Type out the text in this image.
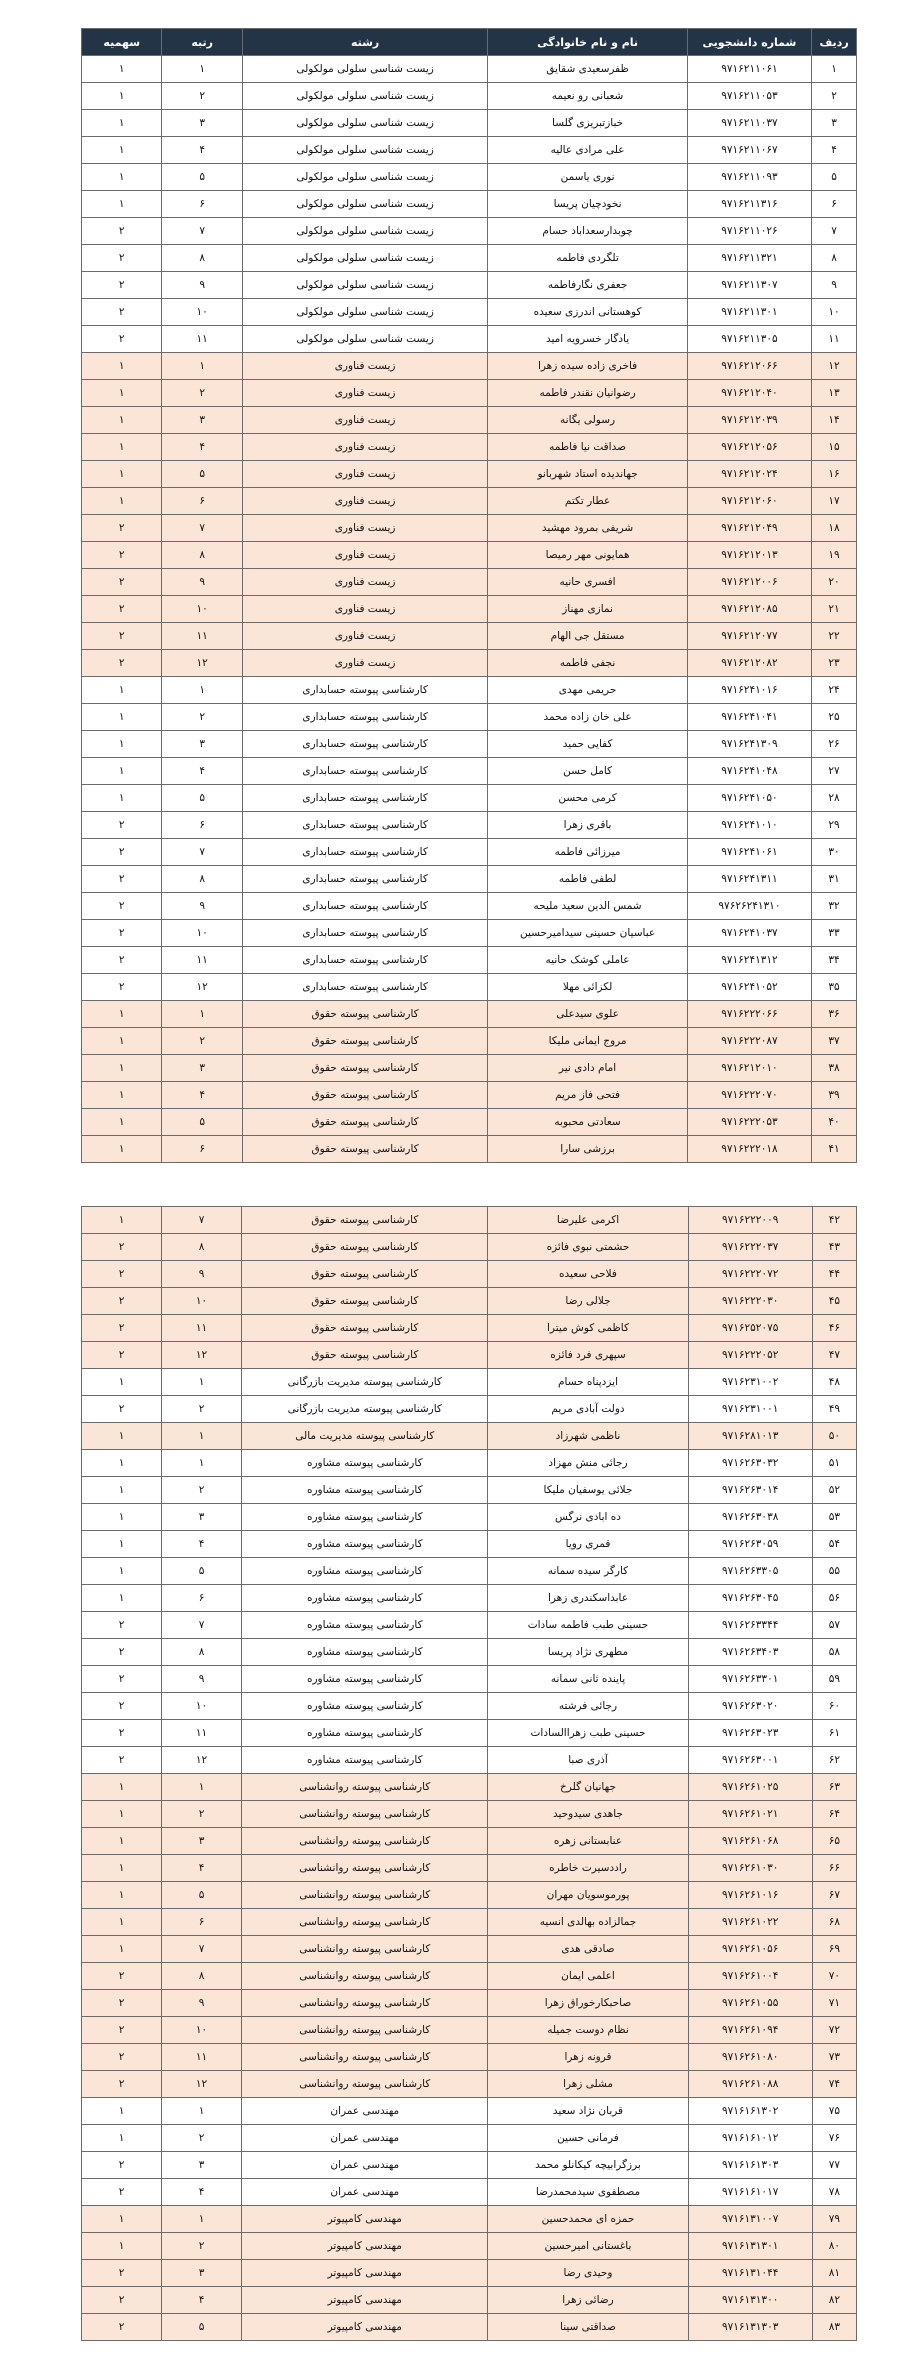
ردیف	شماره دانشجویی	نام و نام خانوادگی	رشته	رتبه	سهمیه
۱	۹۷۱۶۲۱۱۰۶۱	ظفرسعیدی شقایق	زیست شناسی سلولی مولکولی	۱	۱
۲	۹۷۱۶۲۱۱۰۵۳	شعبانی رو نعیمه	زیست شناسی سلولی مولکولی	۲	۱
۳	۹۷۱۶۲۱۱۰۳۷	خبازتبریزی گلسا	زیست شناسی سلولی مولکولی	۳	۱
۴	۹۷۱۶۲۱۱۰۶۷	علی مرادی عالیه	زیست شناسی سلولی مولکولی	۴	۱
۵	۹۷۱۶۲۱۱۰۹۳	نوری یاسمن	زیست شناسی سلولی مولکولی	۵	۱
۶	۹۷۱۶۲۱۱۳۱۶	نخودچیان پریسا	زیست شناسی سلولی مولکولی	۶	۱
۷	۹۷۱۶۲۱۱۰۲۶	چوبدارسعداباد حسام	زیست شناسی سلولی مولکولی	۷	۲
۸	۹۷۱۶۲۱۱۳۲۱	تلگردی فاطمه	زیست شناسی سلولی مولکولی	۸	۲
۹	۹۷۱۶۲۱۱۳۰۷	جعفری نگارفاطمه	زیست شناسی سلولی مولکولی	۹	۲
۱۰	۹۷۱۶۲۱۱۳۰۱	کوهستانی اندرزی سعیده	زیست شناسی سلولی مولکولی	۱۰	۲
۱۱	۹۷۱۶۲۱۱۳۰۵	یادگار خسرویه امید	زیست شناسی سلولی مولکولی	۱۱	۲
۱۲	۹۷۱۶۲۱۲۰۶۶	فاخری زاده سیده زهرا	زیست فناوری	۱	۱
۱۳	۹۷۱۶۲۱۲۰۴۰	رضوانیان نقندر فاطمه	زیست فناوری	۲	۱
۱۴	۹۷۱۶۲۱۲۰۳۹	رسولی یگانه	زیست فناوری	۳	۱
۱۵	۹۷۱۶۲۱۲۰۵۶	صداقت نیا فاطمه	زیست فناوری	۴	۱
۱۶	۹۷۱۶۲۱۲۰۲۴	جهاندیده استاد شهربانو	زیست فناوری	۵	۱
۱۷	۹۷۱۶۲۱۲۰۶۰	عطار تکتم	زیست فناوری	۶	۱
۱۸	۹۷۱۶۲۱۲۰۴۹	شریفی بمرود مهشید	زیست فناوری	۷	۲
۱۹	۹۷۱۶۲۱۲۰۱۳	همایونی مهر رمیصا	زیست فناوری	۸	۲
۲۰	۹۷۱۶۲۱۲۰۰۶	افسری حانیه	زیست فناوری	۹	۲
۲۱	۹۷۱۶۲۱۲۰۸۵	نمازی مهناز	زیست فناوری	۱۰	۲
۲۲	۹۷۱۶۲۱۲۰۷۷	مستقل جی الهام	زیست فناوری	۱۱	۲
۲۳	۹۷۱۶۲۱۲۰۸۲	نجفی فاطمه	زیست فناوری	۱۲	۲
۲۴	۹۷۱۶۲۴۱۰۱۶	حریمی مهدی	کارشناسی پیوسته حسابداری	۱	۱
۲۵	۹۷۱۶۲۴۱۰۴۱	علی خان زاده محمد	کارشناسی پیوسته حسابداری	۲	۱
۲۶	۹۷۱۶۲۴۱۳۰۹	کفایی حمید	کارشناسی پیوسته حسابداری	۳	۱
۲۷	۹۷۱۶۲۴۱۰۴۸	کامل حسن	کارشناسی پیوسته حسابداری	۴	۱
۲۸	۹۷۱۶۲۴۱۰۵۰	کرمی محسن	کارشناسی پیوسته حسابداری	۵	۱
۲۹	۹۷۱۶۲۴۱۰۱۰	باقری زهرا	کارشناسی پیوسته حسابداری	۶	۲
۳۰	۹۷۱۶۲۴۱۰۶۱	میرزائی فاطمه	کارشناسی پیوسته حسابداری	۷	۲
۳۱	۹۷۱۶۲۴۱۳۱۱	لطفی فاطمه	کارشناسی پیوسته حسابداری	۸	۲
۳۲	۹۷۶۲۶۲۴۱۳۱۰	شمس الدین سعید ملیحه	کارشناسی پیوسته حسابداری	۹	۲
۳۳	۹۷۱۶۲۴۱۰۳۷	عباسیان حسینی سیدامیرحسین	کارشناسی پیوسته حسابداری	۱۰	۲
۳۴	۹۷۱۶۲۴۱۳۱۲	عاملی کوشک حانیه	کارشناسی پیوسته حسابداری	۱۱	۲
۳۵	۹۷۱۶۲۴۱۰۵۲	لکزائی مهلا	کارشناسی پیوسته حسابداری	۱۲	۲
۳۶	۹۷۱۶۲۲۲۰۶۶	علوی سیدعلی	کارشناسی پیوسته حقوق	۱	۱
۳۷	۹۷۱۶۲۲۲۰۸۷	مروج ایمانی ملیکا	کارشناسی پیوسته حقوق	۲	۱
۳۸	۹۷۱۶۲۱۲۰۱۰	امام دادی نیر	کارشناسی پیوسته حقوق	۳	۱
۳۹	۹۷۱۶۲۲۲۰۷۰	فتحی فاز مریم	کارشناسی پیوسته حقوق	۴	۱
۴۰	۹۷۱۶۲۲۲۰۵۳	سعادتی محبوبه	کارشناسی پیوسته حقوق	۵	۱
۴۱	۹۷۱۶۲۲۲۰۱۸	برزشی سارا	کارشناسی پیوسته حقوق	۶	۱
۴۲	۹۷۱۶۲۲۲۰۰۹	اکرمی علیرضا	کارشناسی پیوسته حقوق	۷	۱
۴۳	۹۷۱۶۲۲۲۰۳۷	حشمتی نبوی فائزه	کارشناسی پیوسته حقوق	۸	۲
۴۴	۹۷۱۶۲۲۲۰۷۲	فلاحی سعیده	کارشناسی پیوسته حقوق	۹	۲
۴۵	۹۷۱۶۲۲۲۰۳۰	جلالی رضا	کارشناسی پیوسته حقوق	۱۰	۲
۴۶	۹۷۱۶۲۵۲۰۷۵	کاظمی کوش میترا	کارشناسی پیوسته حقوق	۱۱	۲
۴۷	۹۷۱۶۲۲۲۰۵۲	سپهری فرد فائزه	کارشناسی پیوسته حقوق	۱۲	۲
۴۸	۹۷۱۶۲۳۱۰۰۲	ایزدپناه حسام	کارشناسی پیوسته مدیریت بازرگانی	۱	۱
۴۹	۹۷۱۶۲۳۱۰۰۱	دولت آبادی مریم	کارشناسی پیوسته مدیریت بازرگانی	۲	۲
۵۰	۹۷۱۶۲۸۱۰۱۳	ناظمی شهرزاد	کارشناسی پیوسته مدیریت مالی	۱	۱
۵۱	۹۷۱۶۲۶۳۰۳۲	رجائی منش مهزاد	کارشناسی پیوسته مشاوره	۱	۱
۵۲	۹۷۱۶۲۶۳۰۱۴	جلائی یوسفیان ملیکا	کارشناسی پیوسته مشاوره	۲	۱
۵۳	۹۷۱۶۲۶۳۰۳۸	ده ابادی نرگس	کارشناسی پیوسته مشاوره	۳	۱
۵۴	۹۷۱۶۲۶۳۰۵۹	قمری رویا	کارشناسی پیوسته مشاوره	۴	۱
۵۵	۹۷۱۶۲۶۳۳۰۵	کارگر سیده سمانه	کارشناسی پیوسته مشاوره	۵	۱
۵۶	۹۷۱۶۲۶۳۰۴۵	عابداسکندری زهرا	کارشناسی پیوسته مشاوره	۶	۱
۵۷	۹۷۱۶۲۶۳۳۴۴	حسینی طبب فاطمه سادات	کارشناسی پیوسته مشاوره	۷	۲
۵۸	۹۷۱۶۲۶۳۴۰۳	مطهری نژاد پریسا	کارشناسی پیوسته مشاوره	۸	۲
۵۹	۹۷۱۶۲۶۳۳۰۱	پاینده ثانی سمانه	کارشناسی پیوسته مشاوره	۹	۲
۶۰	۹۷۱۶۲۶۳۰۲۰	رجائی فرشته	کارشناسی پیوسته مشاوره	۱۰	۲
۶۱	۹۷۱۶۲۶۳۰۲۳	حسینی طبب زهراالسادات	کارشناسی پیوسته مشاوره	۱۱	۲
۶۲	۹۷۱۶۲۶۳۰۰۱	آذری صبا	کارشناسی پیوسته مشاوره	۱۲	۲
۶۳	۹۷۱۶۲۶۱۰۲۵	جهانیان گلرخ	کارشناسی پیوسته روانشناسی	۱	۱
۶۴	۹۷۱۶۲۶۱۰۲۱	جاهدی سیدوحید	کارشناسی پیوسته روانشناسی	۲	۱
۶۵	۹۷۱۶۲۶۱۰۶۸	عنابستانی زهره	کارشناسی پیوسته روانشناسی	۳	۱
۶۶	۹۷۱۶۲۶۱۰۳۰	راددسیرت خاطره	کارشناسی پیوسته روانشناسی	۴	۱
۶۷	۹۷۱۶۲۶۱۰۱۶	پورموسویان مهران	کارشناسی پیوسته روانشناسی	۵	۱
۶۸	۹۷۱۶۲۶۱۰۲۲	جمالزاده بهالدی انسیه	کارشناسی پیوسته روانشناسی	۶	۱
۶۹	۹۷۱۶۲۶۱۰۵۶	صادقی هدی	کارشناسی پیوسته روانشناسی	۷	۱
۷۰	۹۷۱۶۲۶۱۰۰۴	اعلمی ایمان	کارشناسی پیوسته روانشناسی	۸	۲
۷۱	۹۷۱۶۲۶۱۰۵۵	صاحبکارخوراق زهرا	کارشناسی پیوسته روانشناسی	۹	۲
۷۲	۹۷۱۶۲۶۱۰۹۴	نظام دوست جمیله	کارشناسی پیوسته روانشناسی	۱۰	۲
۷۳	۹۷۱۶۲۶۱۰۸۰	قرونه زهرا	کارشناسی پیوسته روانشناسی	۱۱	۲
۷۴	۹۷۱۶۲۶۱۰۸۸	مشلی زهرا	کارشناسی پیوسته روانشناسی	۱۲	۲
۷۵	۹۷۱۶۱۶۱۳۰۲	قربان نژاد سعید	مهندسی عمران	۱	۱
۷۶	۹۷۱۶۱۶۱۰۱۲	فرمانی حسین	مهندسی عمران	۲	۱
۷۷	۹۷۱۶۱۶۱۳۰۳	برزگرابیچه کیکانلو محمد	مهندسی عمران	۳	۲
۷۸	۹۷۱۶۱۶۱۰۱۷	مصطفوی سیدمحمدرضا	مهندسی عمران	۴	۲
۷۹	۹۷۱۶۱۳۱۰۰۷	حمزه ای محمدحسین	مهندسی کامپیوتر	۱	۱
۸۰	۹۷۱۶۱۳۱۳۰۱	باغستانی امیرحسین	مهندسی کامپیوتر	۲	۱
۸۱	۹۷۱۶۱۳۱۰۴۴	وحیدی رضا	مهندسی کامپیوتر	۳	۲
۸۲	۹۷۱۶۱۳۱۳۰۰	رضائی زهرا	مهندسی کامپیوتر	۴	۲
۸۳	۹۷۱۶۱۳۱۳۰۳	صداقتی سینا	مهندسی کامپیوتر	۵	۲
